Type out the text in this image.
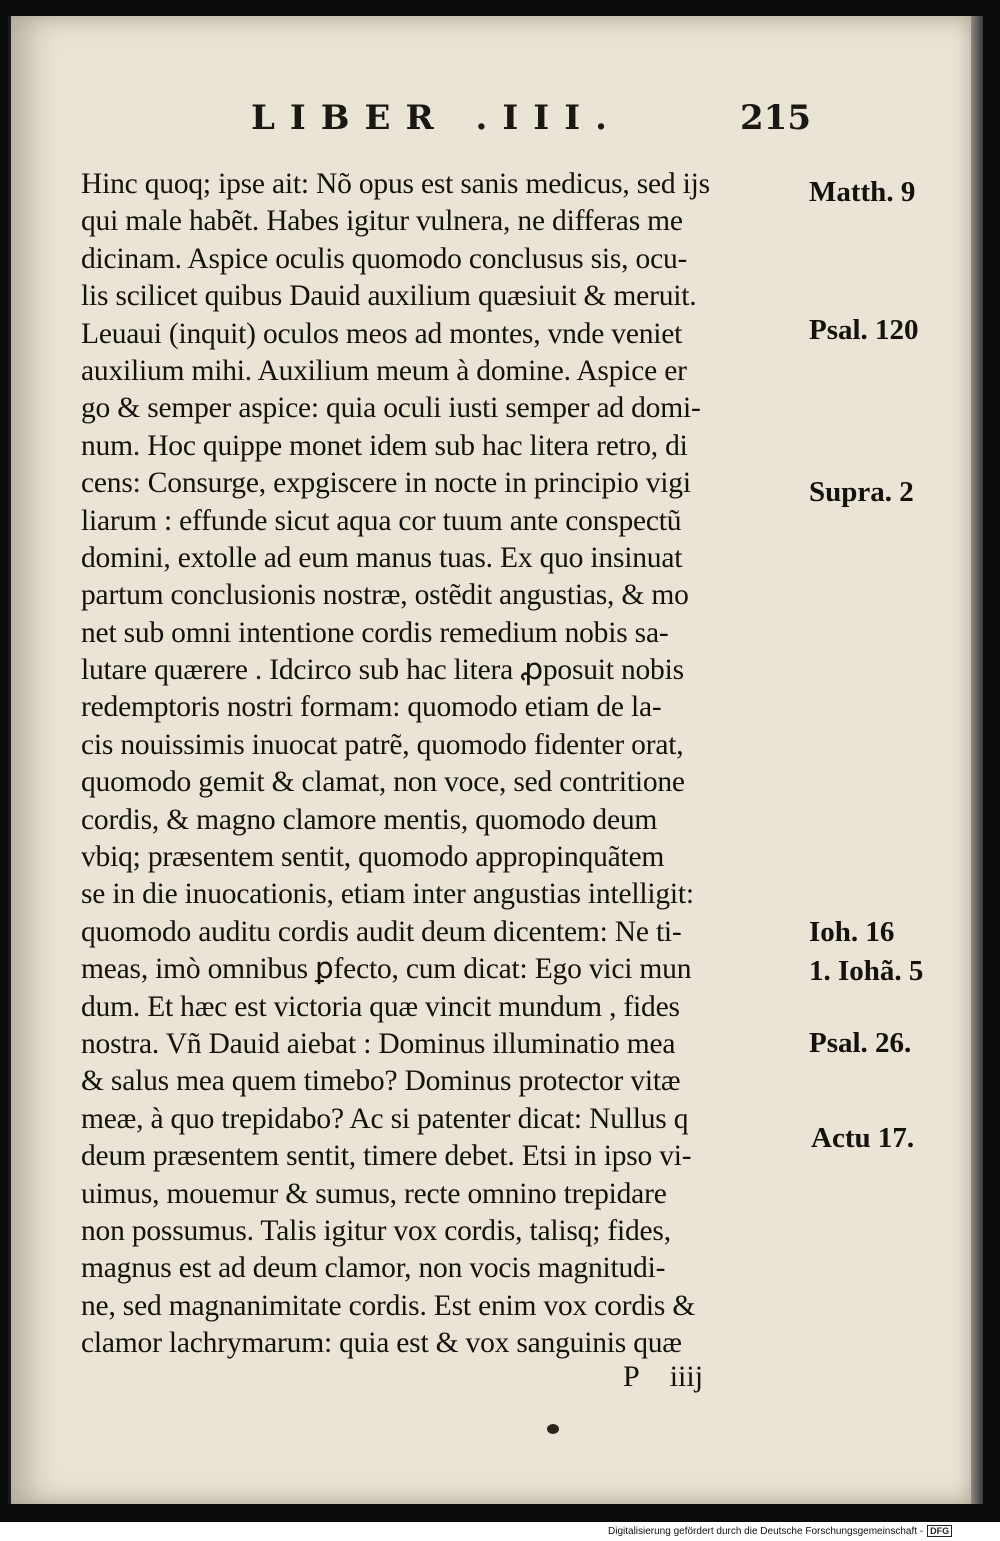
LIBER .III.	215
Hinc quoq; ipse ait: Nõ opus est sanis medicus, sed ijs
qui male habẽt. Habes igitur vulnera, ne differas me
dicinam. Aspice oculis quomodo conclusus sis, ocu-
lis scilicet quibus Dauid auxilium quæsiuit & meruit.
Leuaui (inquit) oculos meos ad montes, vnde veniet
auxilium mihi. Auxilium meum à domine. Aspice er
go & semper aspice: quia oculi iusti semper ad domi-
num. Hoc quippe monet idem sub hac litera retro, di
cens: Consurge, expgiscere in nocte in principio vigi
liarum : effunde sicut aqua cor tuum ante conspectũ
domini, extolle ad eum manus tuas. Ex quo insinuat
partum conclusionis nostræ, ostẽdit angustias, & mo
net sub omni intentione cordis remedium nobis sa-
lutare quærere . Idcirco sub hac litera ꝓposuit nobis
redemptoris nostri formam: quomodo etiam de la-
cis nouissimis inuocat patrẽ, quomodo fidenter orat,
quomodo gemit & clamat, non voce, sed contritione
cordis, & magno clamore mentis, quomodo deum
vbiq; præsentem sentit, quomodo appropinquãtem
se in die inuocationis, etiam inter angustias intelligit:
quomodo auditu cordis audit deum dicentem: Ne ti-
meas, imò omnibus ꝑfecto, cum dicat: Ego vici mun
dum. Et hæc est victoria quæ vincit mundum , fides
nostra. Vñ Dauid aiebat : Dominus illuminatio mea
& salus mea quem timebo? Dominus protector vitæ
meæ, à quo trepidabo? Ac si patenter dicat: Nullus q
deum præsentem sentit, timere debet. Etsi in ipso vi-
uimus, mouemur & sumus, recte omnino trepidare
non possumus. Talis igitur vox cordis, talisq; fides,
magnus est ad deum clamor, non vocis magnitudi-
ne, sed magnanimitate cordis. Est enim vox cordis &
clamor lachrymarum: quia est & vox sanguinis quæ
Matth. 9
Psal. 120
Supra. 2
Ioh. 16
1. Iohã. 5
Psal. 26.
Actu 17.
P iiij
Digitalisierung gefördert durch die Deutsche Forschungsgemeinschaft - DFG
